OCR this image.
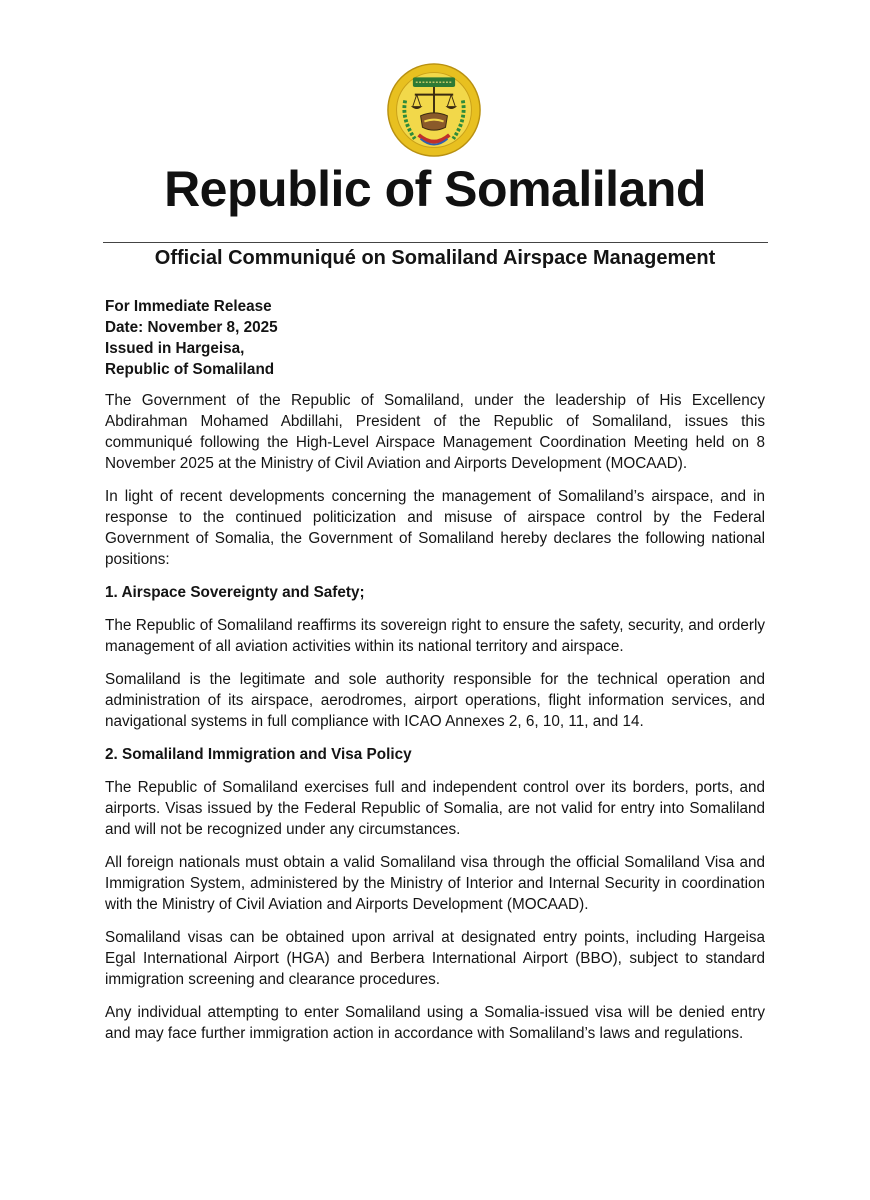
Republic of Somaliland
Official Communiqué on Somaliland Airspace Management
For Immediate Release
Date: November 8, 2025
Issued in Hargeisa,
Republic of Somaliland

The Government of the Republic of Somaliland, under the leadership of His Excellency Abdirahman Mohamed Abdillahi, President of the Republic of Somaliland, issues this communiqué following the High-Level Airspace Management Coordination Meeting held on 8 November 2025 at the Ministry of Civil Aviation and Airports Development (MOCAAD).

In light of recent developments concerning the management of Somaliland’s airspace, and in response to the continued politicization and misuse of airspace control by the Federal Government of Somalia, the Government of Somaliland hereby declares the following national positions:

1. Airspace Sovereignty and Safety;

The Republic of Somaliland reaffirms its sovereign right to ensure the safety, security, and orderly management of all aviation activities within its national territory and airspace.

Somaliland is the legitimate and sole authority responsible for the technical operation and administration of its airspace, aerodromes, airport operations, flight information services, and navigational systems in full compliance with ICAO Annexes 2, 6, 10, 11, and 14.

2. Somaliland Immigration and Visa Policy

The Republic of Somaliland exercises full and independent control over its borders, ports, and airports. Visas issued by the Federal Republic of Somalia, are not valid for entry into Somaliland and will not be recognized under any circumstances.

All foreign nationals must obtain a valid Somaliland visa through the official Somaliland Visa and Immigration System, administered by the Ministry of Interior and Internal Security in coordination with the Ministry of Civil Aviation and Airports Development (MOCAAD).

Somaliland visas can be obtained upon arrival at designated entry points, including Hargeisa Egal International Airport (HGA) and Berbera International Airport (BBO), subject to standard immigration screening and clearance procedures.

Any individual attempting to enter Somaliland using a Somalia-issued visa will be denied entry and may face further immigration action in accordance with Somaliland’s laws and regulations.
